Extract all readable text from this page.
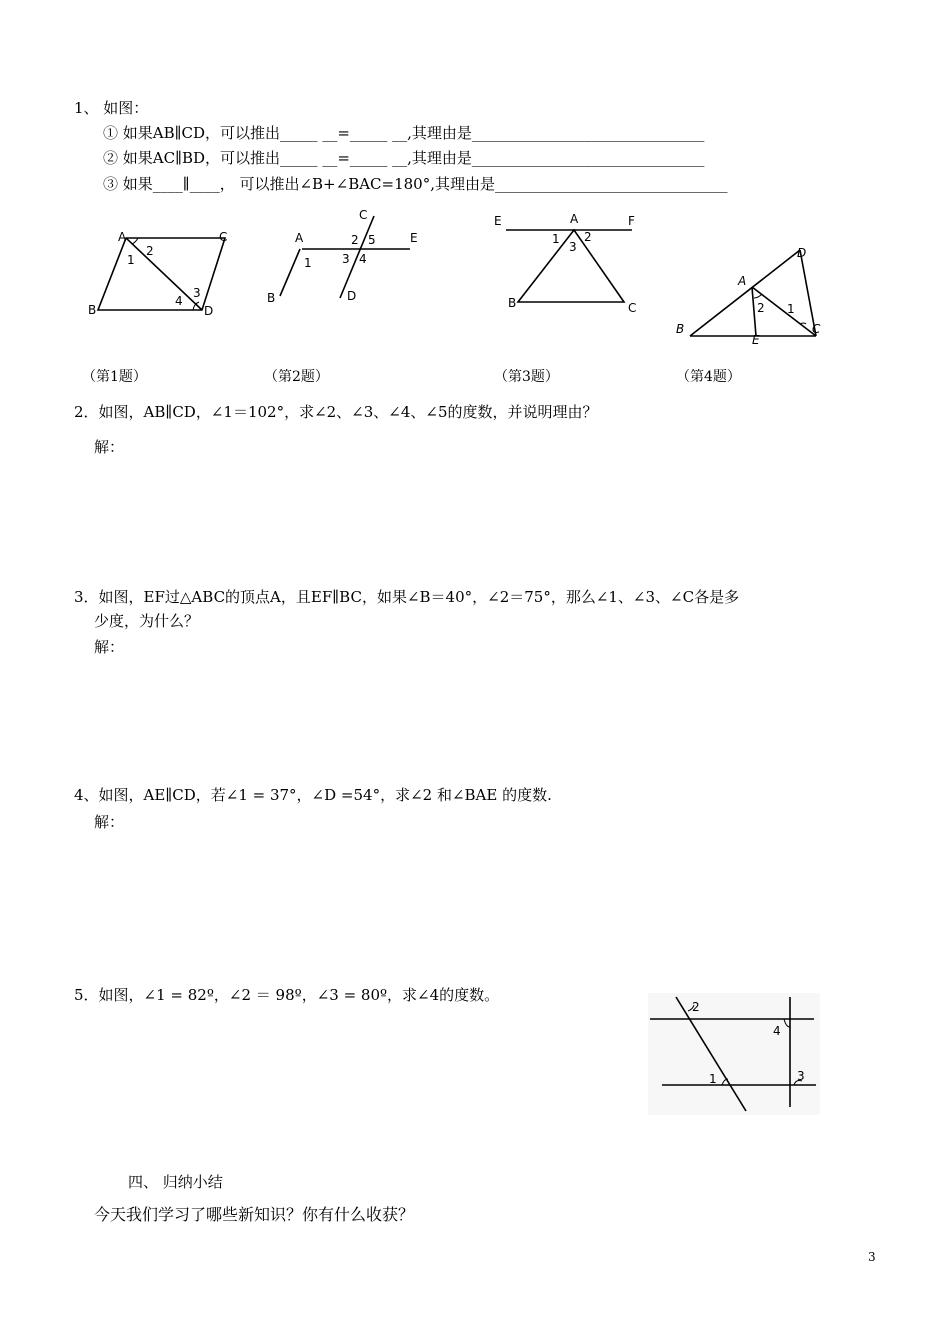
1、 如图：
① 如果AB∥CD，可以推出_____ __=_____ __,其理由是_______________________________
② 如果AC∥BD，可以推出_____ __=_____ __,其理由是_______________________________
③ 如果____∥____， 可以推出∠B+∠BAC=180°,其理由是_______________________________
A	C
B	D
1
2
3
4
（第1题）
A
C
E
B	D
1
2 5
3 4
（第2题）
E	A	F
B	C
1 2
3
（第3题）
D
A
B
E
C
1
2
（第4题）
2．如图，AB∥CD，∠1＝102°，求∠2、∠3、∠4、∠5的度数，并说明理由？
解：
3．如图，EF过△ABC的顶点A，且EF∥BC，如果∠B＝40°，∠2＝75°，那么∠1、∠3、∠C各是多
少度，为什么？
解：
4、如图，AE∥CD，若∠1 = 37°，∠D =54°，求∠2 和∠BAE 的度数.
解：
5．如图，∠1 = 82º，∠2 ＝ 98º，∠3 = 80º，求∠4的度数。
2
4
1	3
四、 归纳小结
今天我们学习了哪些新知识？你有什么收获？
3
